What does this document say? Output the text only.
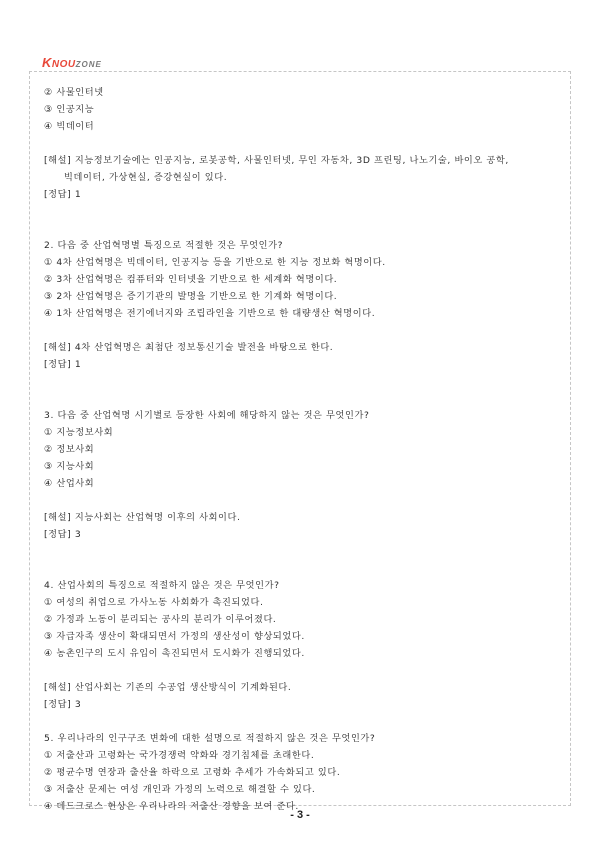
KNOUZONE
② 사물인터넷
③ 인공지능
④ 빅데이터
[해설] 지능정보기술에는 인공지능, 로봇공학, 사물인터넷, 무인 자동차, 3D 프린팅, 나노기술, 바이오 공학,
빅데이터, 가상현실, 증강현실이 있다.
[정답] 1
2. 다음 중 산업혁명별 특징으로 적절한 것은 무엇인가?
① 4차 산업혁명은 빅데이터, 인공지능 등을 기반으로 한 지능 정보화 혁명이다.
② 3차 산업혁명은 컴퓨터와 인터넷을 기반으로 한 세계화 혁명이다.
③ 2차 산업혁명은 증기기관의 발명을 기반으로 한 기계화 혁명이다.
④ 1차 산업혁명은 전기에너지와 조립라인을 기반으로 한 대량생산 혁명이다.
[해설] 4차 산업혁명은 최첨단 정보통신기술 발전을 바탕으로 한다.
[정답] 1
3. 다음 중 산업혁명 시기별로 등장한 사회에 해당하지 않는 것은 무엇인가?
① 지능정보사회
② 정보사회
③ 지능사회
④ 산업사회
[해설] 지능사회는 산업혁명 이후의 사회이다.
[정답] 3
4. 산업사회의 특징으로 적절하지 않은 것은 무엇인가?
① 여성의 취업으로 가사노동 사회화가 촉진되었다.
② 가정과 노동이 분리되는 공사의 분리가 이루어졌다.
③ 자급자족 생산이 확대되면서 가정의 생산성이 향상되었다.
④ 농촌인구의 도시 유입이 촉진되면서 도시화가 진행되었다.
[해설] 산업사회는 기존의 수공업 생산방식이 기계화된다.
[정답] 3
5. 우리나라의 인구구조 변화에 대한 설명으로 적절하지 않은 것은 무엇인가?
① 저출산과 고령화는 국가경쟁력 약화와 경기침체를 초래한다.
② 평균수명 연장과 출산율 하락으로 고령화 추세가 가속화되고 있다.
③ 저출산 문제는 여성 개인과 가정의 노력으로 해결할 수 있다.
④ 데드크로스 현상은 우리나라의 저출산 경향을 보여 준다.
- 3 -
